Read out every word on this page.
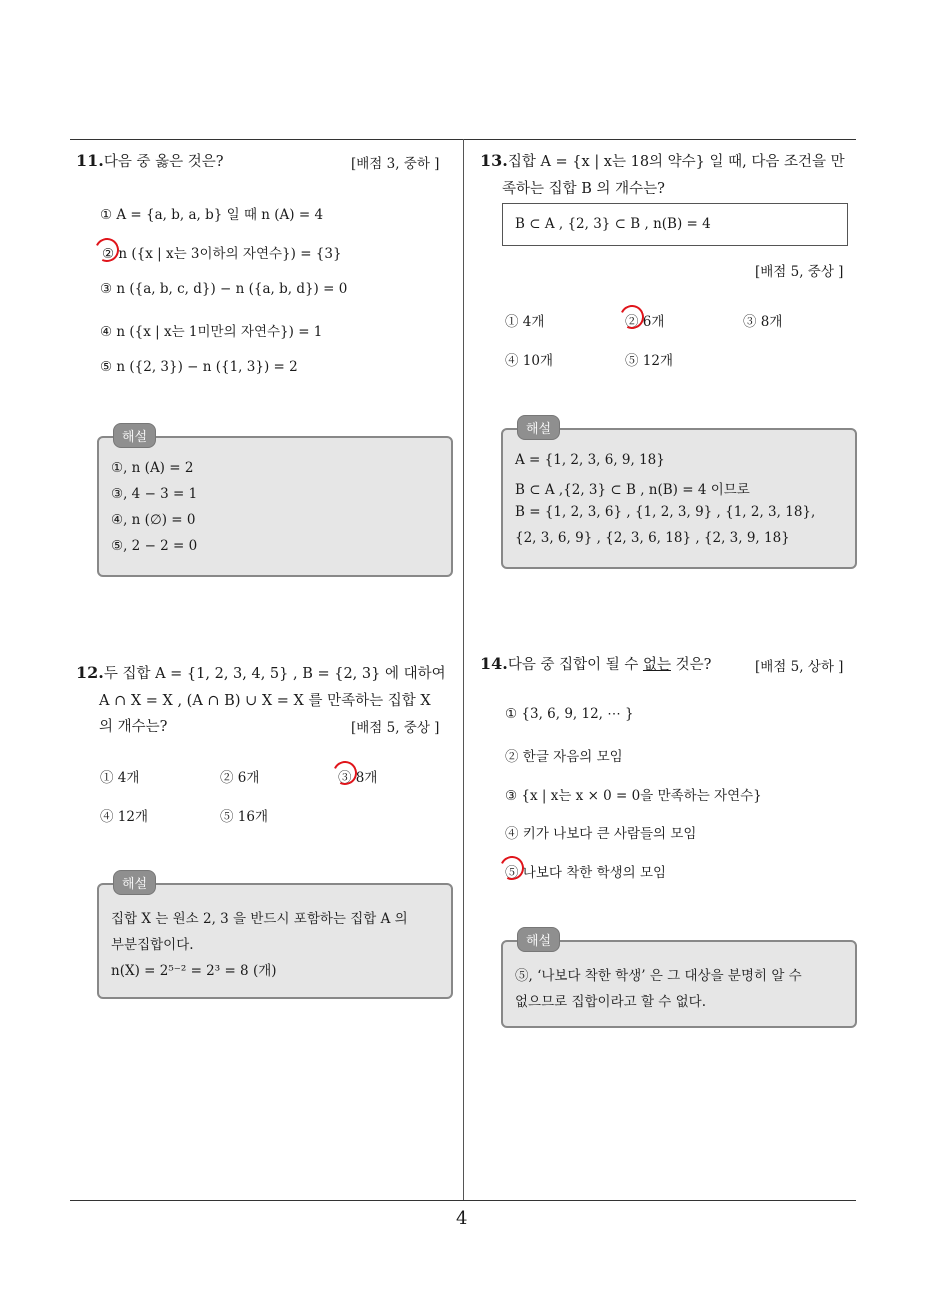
4
11.다음 중 옳은 것은?	[배점 3, 중하 ]
① A = {a, b, a, b} 일 때 n (A) = 4
② n ({x | x는 3이하의 자연수}) = {3}
③ n ({a, b, c, d}) − n ({a, b, d}) = 0
④ n ({x | x는 1미만의 자연수}) = 1
⑤ n ({2, 3}) − n ({1, 3}) = 2
해설
①, n (A) = 2
③, 4 − 3 = 1
④, n (∅) = 0
⑤, 2 − 2 = 0
12.두 집합 A = {1, 2, 3, 4, 5} , B = {2, 3} 에 대하여
A ∩ X = X , (A ∩ B) ∪ X = X 를 만족하는 집합 X
의 개수는?	[배점 5, 중상 ]
① 4개	② 6개	③ 8개
④ 12개	⑤ 16개
해설
집합 X 는 원소 2, 3 을 반드시 포함하는 집합 A 의
부분집합이다.
n(X) = 2⁵⁻² = 2³ = 8 (개)
13.집합 A = {x | x는 18의 약수} 일 때, 다음 조건을 만
족하는 집합 B 의 개수는?
B ⊂ A , {2, 3} ⊂ B , n(B) = 4
[배점 5, 중상 ]
① 4개	② 6개	③ 8개
④ 10개	⑤ 12개
해설
A = {1, 2, 3, 6, 9, 18}
B ⊂ A ,{2, 3} ⊂ B , n(B) = 4 이므로
B = {1, 2, 3, 6} , {1, 2, 3, 9} , {1, 2, 3, 18},
{2, 3, 6, 9} , {2, 3, 6, 18} , {2, 3, 9, 18}
14.다음 중 집합이 될 수 없는 것은?	[배점 5, 상하 ]
① {3, 6, 9, 12, ⋯ }
② 한글 자음의 모임
③ {x | x는 x × 0 = 0을 만족하는 자연수}
④ 키가 나보다 큰 사람들의 모임
⑤ 나보다 착한 학생의 모임
해설
⑤, ‘나보다 착한 학생’ 은 그 대상을 분명히 알 수
없으므로 집합이라고 할 수 없다.
